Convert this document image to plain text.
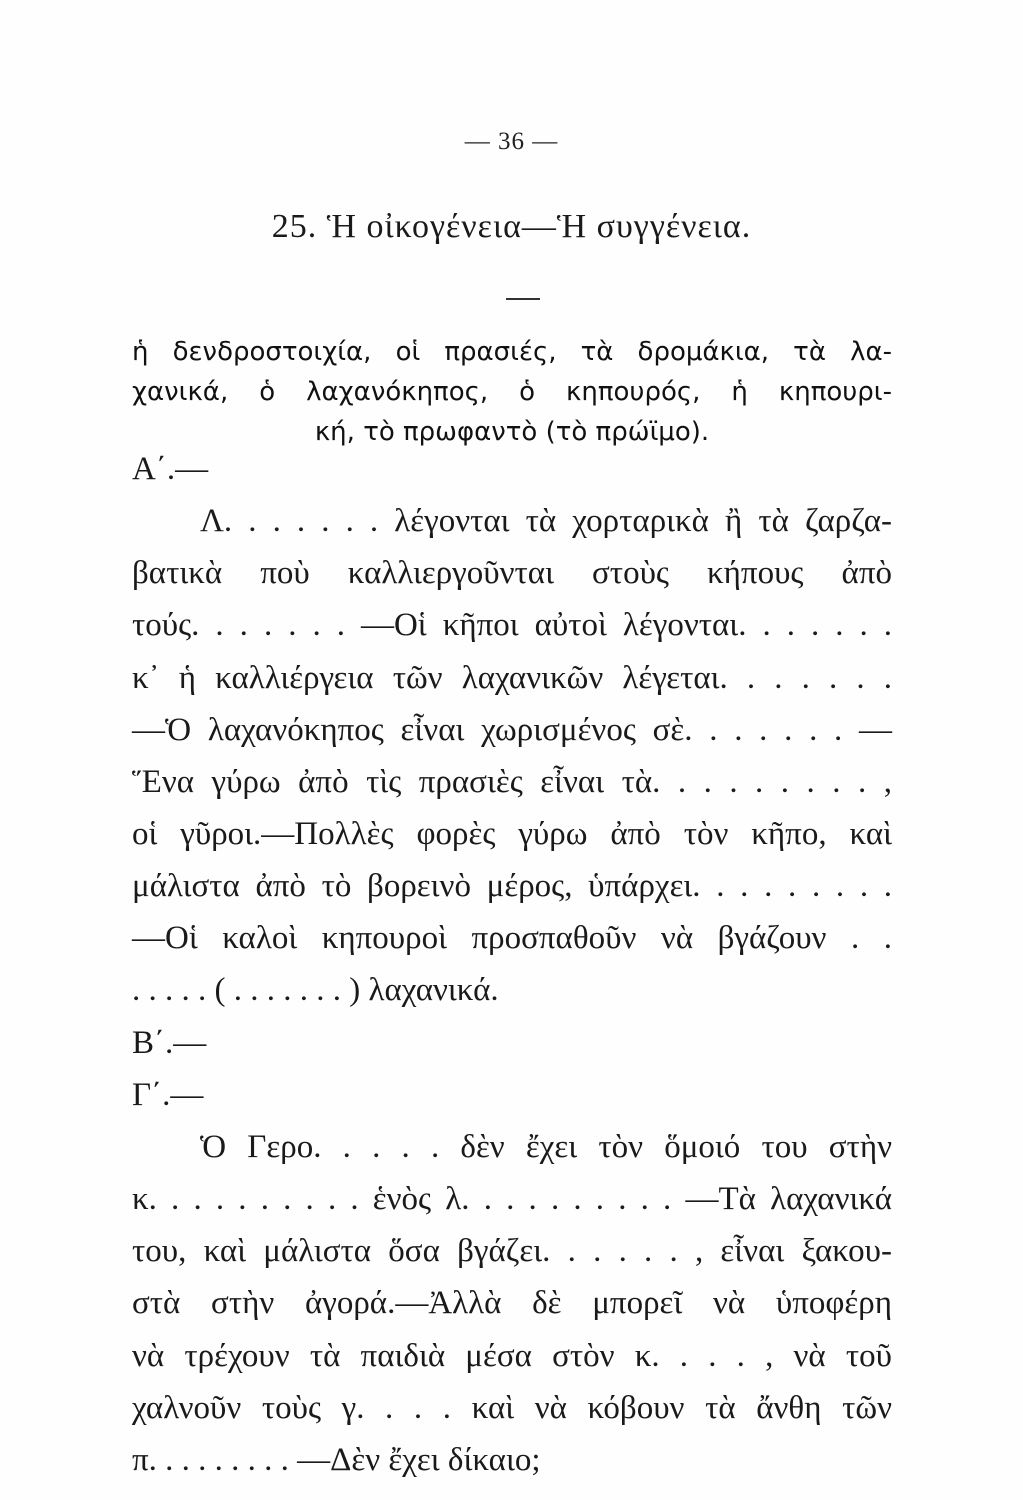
— 36 —
25. Ἡ οἰκογένεια—Ἡ συγγένεια.
ἡ δενδροστοιχία, οἱ πρασιές, τὰ δρομάκια, τὰ λα-
χανικά, ὁ λαχανόκηπος, ὁ κηπουρός, ἡ κηπουρι-
κή, τὸ πρωφαντὸ (τὸ πρώϊμο).
Α΄.—
Λ. . . . . . . λέγονται τὰ χορταρικὰ ἢ τὰ ζαρζα-
βατικὰ ποὺ καλλιεργοῦνται στοὺς κήπους ἀπὸ
τούς. . . . . . . —Οἱ κῆποι αὐτοὶ λέγονται. . . . . . .
κ᾿ ἡ καλλιέργεια τῶν λαχανικῶν λέγεται. . . . . . .
—Ὁ λαχανόκηπος εἶναι χωρισμένος σὲ. . . . . . . —
Ἕνα γύρω ἀπὸ τὶς πρασιὲς εἶναι τὰ. . . . . . . . . ,
οἱ γῦροι.—Πολλὲς φορὲς γύρω ἀπὸ τὸν κῆπο, καὶ
μάλιστα ἀπὸ τὸ βορεινὸ μέρος, ὑπάρχει. . . . . . . . .
—Οἱ καλοὶ κηπουροὶ προσπαθοῦν νὰ βγάζουν . .
. . . . . ( . . . . . . . ) λαχανικά.
Β΄.—
Γ΄.—
Ὁ Γερο. . . . . δὲν ἔχει τὸν ὅμοιό του στὴν
κ. . . . . . . . . . ἑνὸς λ. . . . . . . . . . —Τὰ λαχανικά
του, καὶ μάλιστα ὅσα βγάζει. . . . . . , εἶναι ξακου-
στὰ στὴν ἀγορά.—Ἀλλὰ δὲ μπορεῖ νὰ ὑποφέρη
νὰ τρέχουν τὰ παιδιὰ μέσα στὸν κ. . . . , νὰ τοῦ
χαλνοῦν τοὺς γ. . . . καὶ νὰ κόβουν τὰ ἄνθη τῶν
π. . . . . . . . . —Δὲν ἔχει δίκαιο;
